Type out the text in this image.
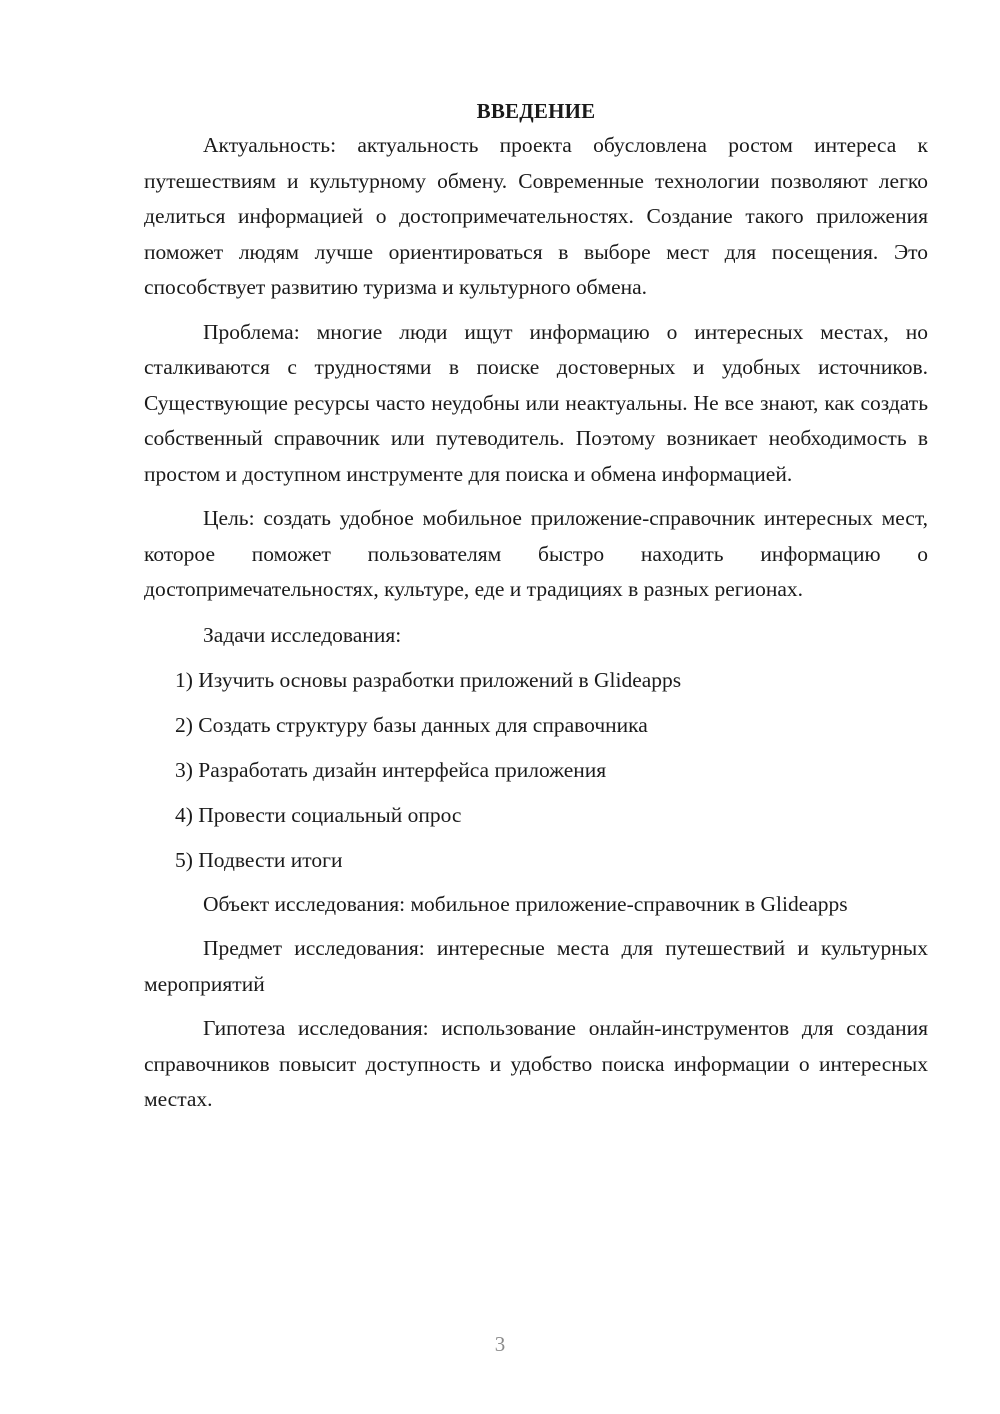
ВВЕДЕНИЕ

Актуальность: актуальность проекта обусловлена ростом интереса к путешествиям и культурному обмену. Современные технологии позволяют легко делиться информацией о достопримечательностях. Создание такого приложения поможет людям лучше ориентироваться в выборе мест для посещения. Это способствует развитию туризма и культурного обмена.

Проблема: многие люди ищут информацию о интересных местах, но сталкиваются с трудностями в поиске достоверных и удобных источников. Существующие ресурсы часто неудобны или неактуальны. Не все знают, как создать собственный справочник или путеводитель. Поэтому возникает необходимость в простом и доступном инструменте для поиска и обмена информацией.

Цель: создать удобное мобильное приложение-справочник интересных мест, которое поможет пользователям быстро находить информацию о достопримечательностях, культуре, еде и традициях в разных регионах.

Задачи исследования:
1) Изучить основы разработки приложений в Glideapps
2) Создать структуру базы данных для справочника
3) Разработать дизайн интерфейса приложения
4) Провести социальный опрос
5) Подвести итоги

Объект исследования: мобильное приложение-справочник в Glideapps

Предмет исследования: интересные места для путешествий и культурных мероприятий

Гипотеза исследования: использование онлайн-инструментов для создания справочников повысит доступность и удобство поиска информации о интересных местах.

3
